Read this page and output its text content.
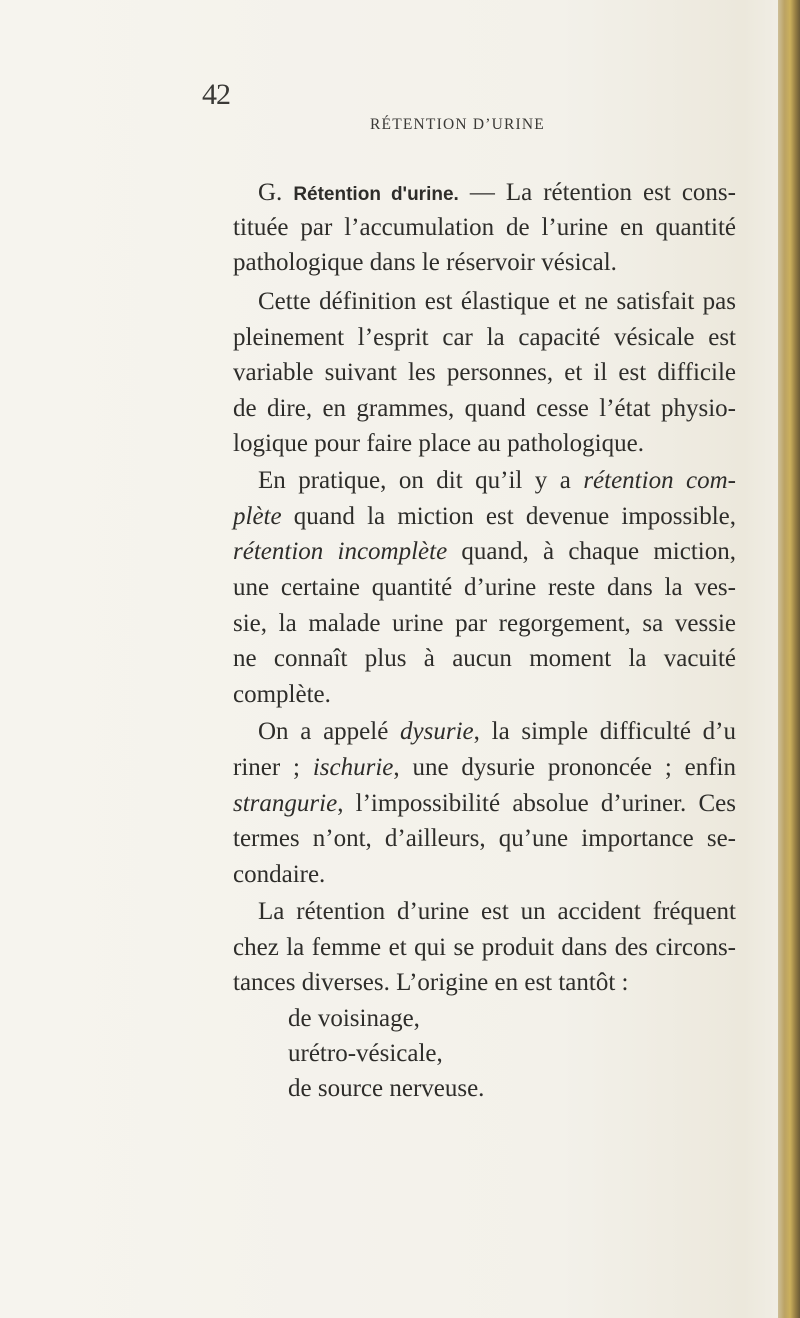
42
RÉTENTION D’URINE
G. Rétention d'urine. — La rétention est cons-
tituée par l’accumulation de l’urine en quantité
pathologique dans le réservoir vésical.
Cette définition est élastique et ne satisfait pas
pleinement l’esprit car la capacité vésicale est
variable suivant les personnes, et il est difficile
de dire, en grammes, quand cesse l’état physio-
logique pour faire place au pathologique.
En pratique, on dit qu’il y a rétention com-
plète quand la miction est devenue impossible,
rétention incomplète quand, à chaque miction,
une certaine quantité d’urine reste dans la ves-
sie, la malade urine par regorgement, sa vessie
ne connaît plus à aucun moment la vacuité
complète.
On a appelé dysurie, la simple difficulté d’u
riner ; ischurie, une dysurie prononcée ; enfin
strangurie, l’impossibilité absolue d’uriner. Ces
termes n’ont, d’ailleurs, qu’une importance se-
condaire.
La rétention d’urine est un accident fréquent
chez la femme et qui se produit dans des circons-
tances diverses. L’origine en est tantôt :
de voisinage,
urétro-vésicale,
de source nerveuse.
